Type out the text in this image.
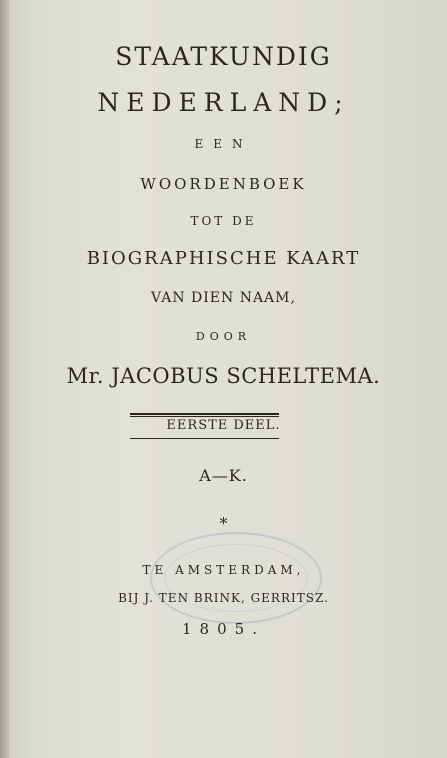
STAATKUNDIG
NEDERLAND;
EEN
WOORDENBOEK
TOT DE
BIOGRAPHISCHE KAART
VAN DIEN NAAM,
DOOR
Mr. JACOBUS SCHELTEMA.
EERSTE DEEL.
A—K.
*
TE AMSTERDAM,
BIJ J. TEN BRINK, GERRITSZ.
1805.
